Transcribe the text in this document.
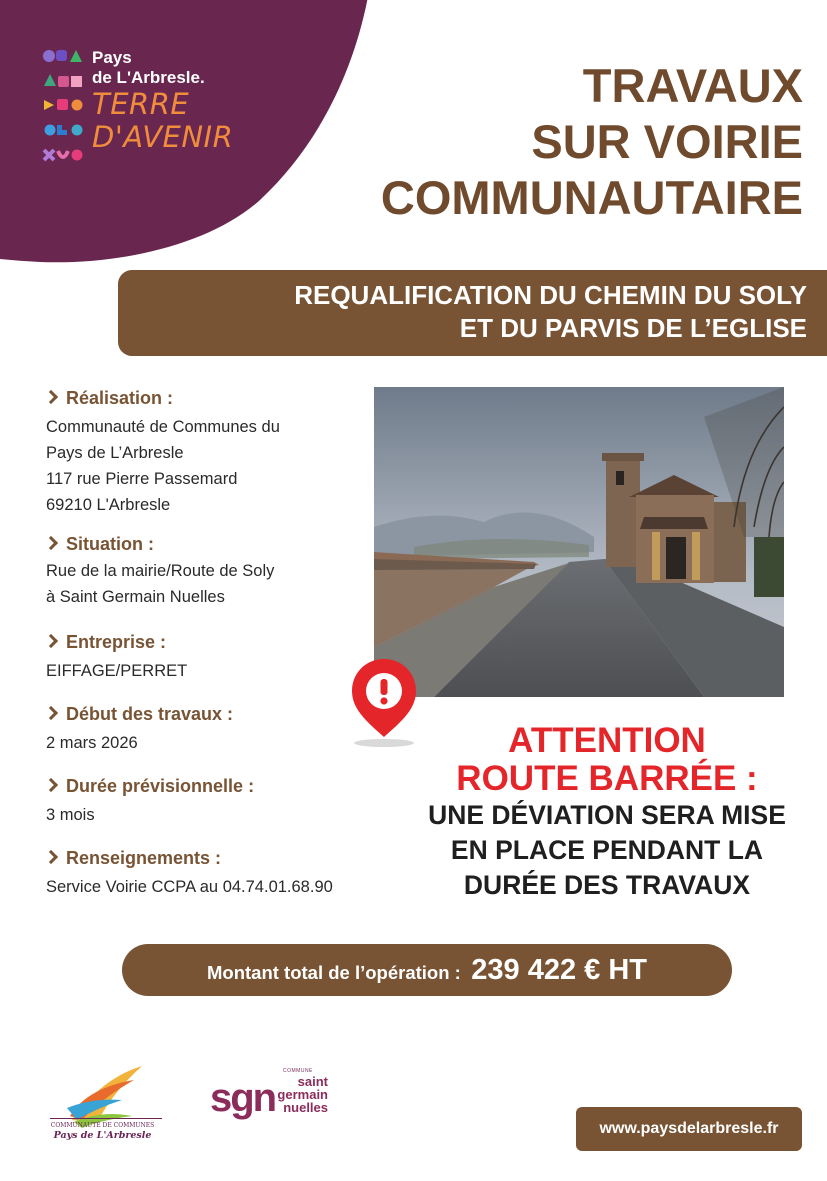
Pays
de L'Arbresle.
TERRE
D'AVENIR
TRAVAUX
SUR VOIRIE
COMMUNAUTAIRE
REQUALIFICATION DU CHEMIN DU SOLY
ET DU PARVIS DE L’EGLISE
Réalisation :
Communauté de Communes du
Pays de L’Arbresle
117 rue Pierre Passemard
69210 L'Arbresle
Situation :
Rue de la mairie/Route de Soly
à Saint Germain Nuelles
Entreprise :
EIFFAGE/PERRET
Début des travaux :
2 mars 2026
Durée prévisionnelle :
3 mois
Renseignements :
Service Voirie CCPA au 04.74.01.68.90
ATTENTION
ROUTE BARRÉE :
UNE DÉVIATION SERA MISE
EN PLACE PENDANT LA
DURÉE DES TRAVAUX
Montant total de l’opération : 239 422 € HT
COMMUNAUTÉ DE COMMUNES
Pays de L'Arbresle
COMMUNE
sgn	saint germain
nuelles
www.paysdelarbresle.fr
